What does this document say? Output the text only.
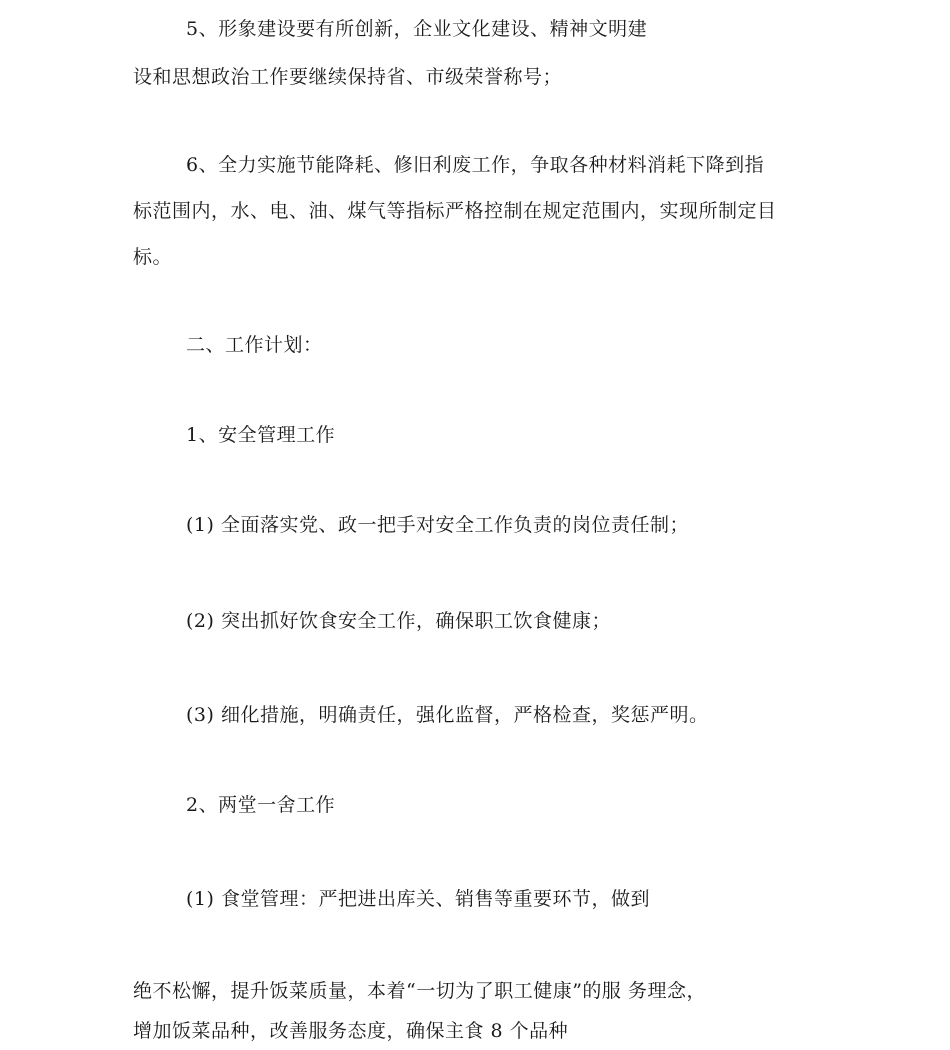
5、形象建设要有所创新，企业文化建设、精神文明建
设和思想政治工作要继续保持省、市级荣誉称号；
6、全力实施节能降耗、修旧利废工作，争取各种材料消耗下降到指
标范围内，水、电、油、煤气等指标严格控制在规定范围内，实现所制定目
标。
二、工作计划：
1、安全管理工作
(1) 全面落实党、政一把手对安全工作负责的岗位责任制；
(2) 突出抓好饮食安全工作，确保职工饮食健康；
(3) 细化措施，明确责任，强化监督，严格检查，奖惩严明。
2、两堂一舍工作
(1) 食堂管理：严把进出库关、销售等重要环节，做到
绝不松懈，提升饭菜质量，本着“一切为了职工健康”的服 务理念，
增加饭菜品种，改善服务态度，确保主食 8 个品种
